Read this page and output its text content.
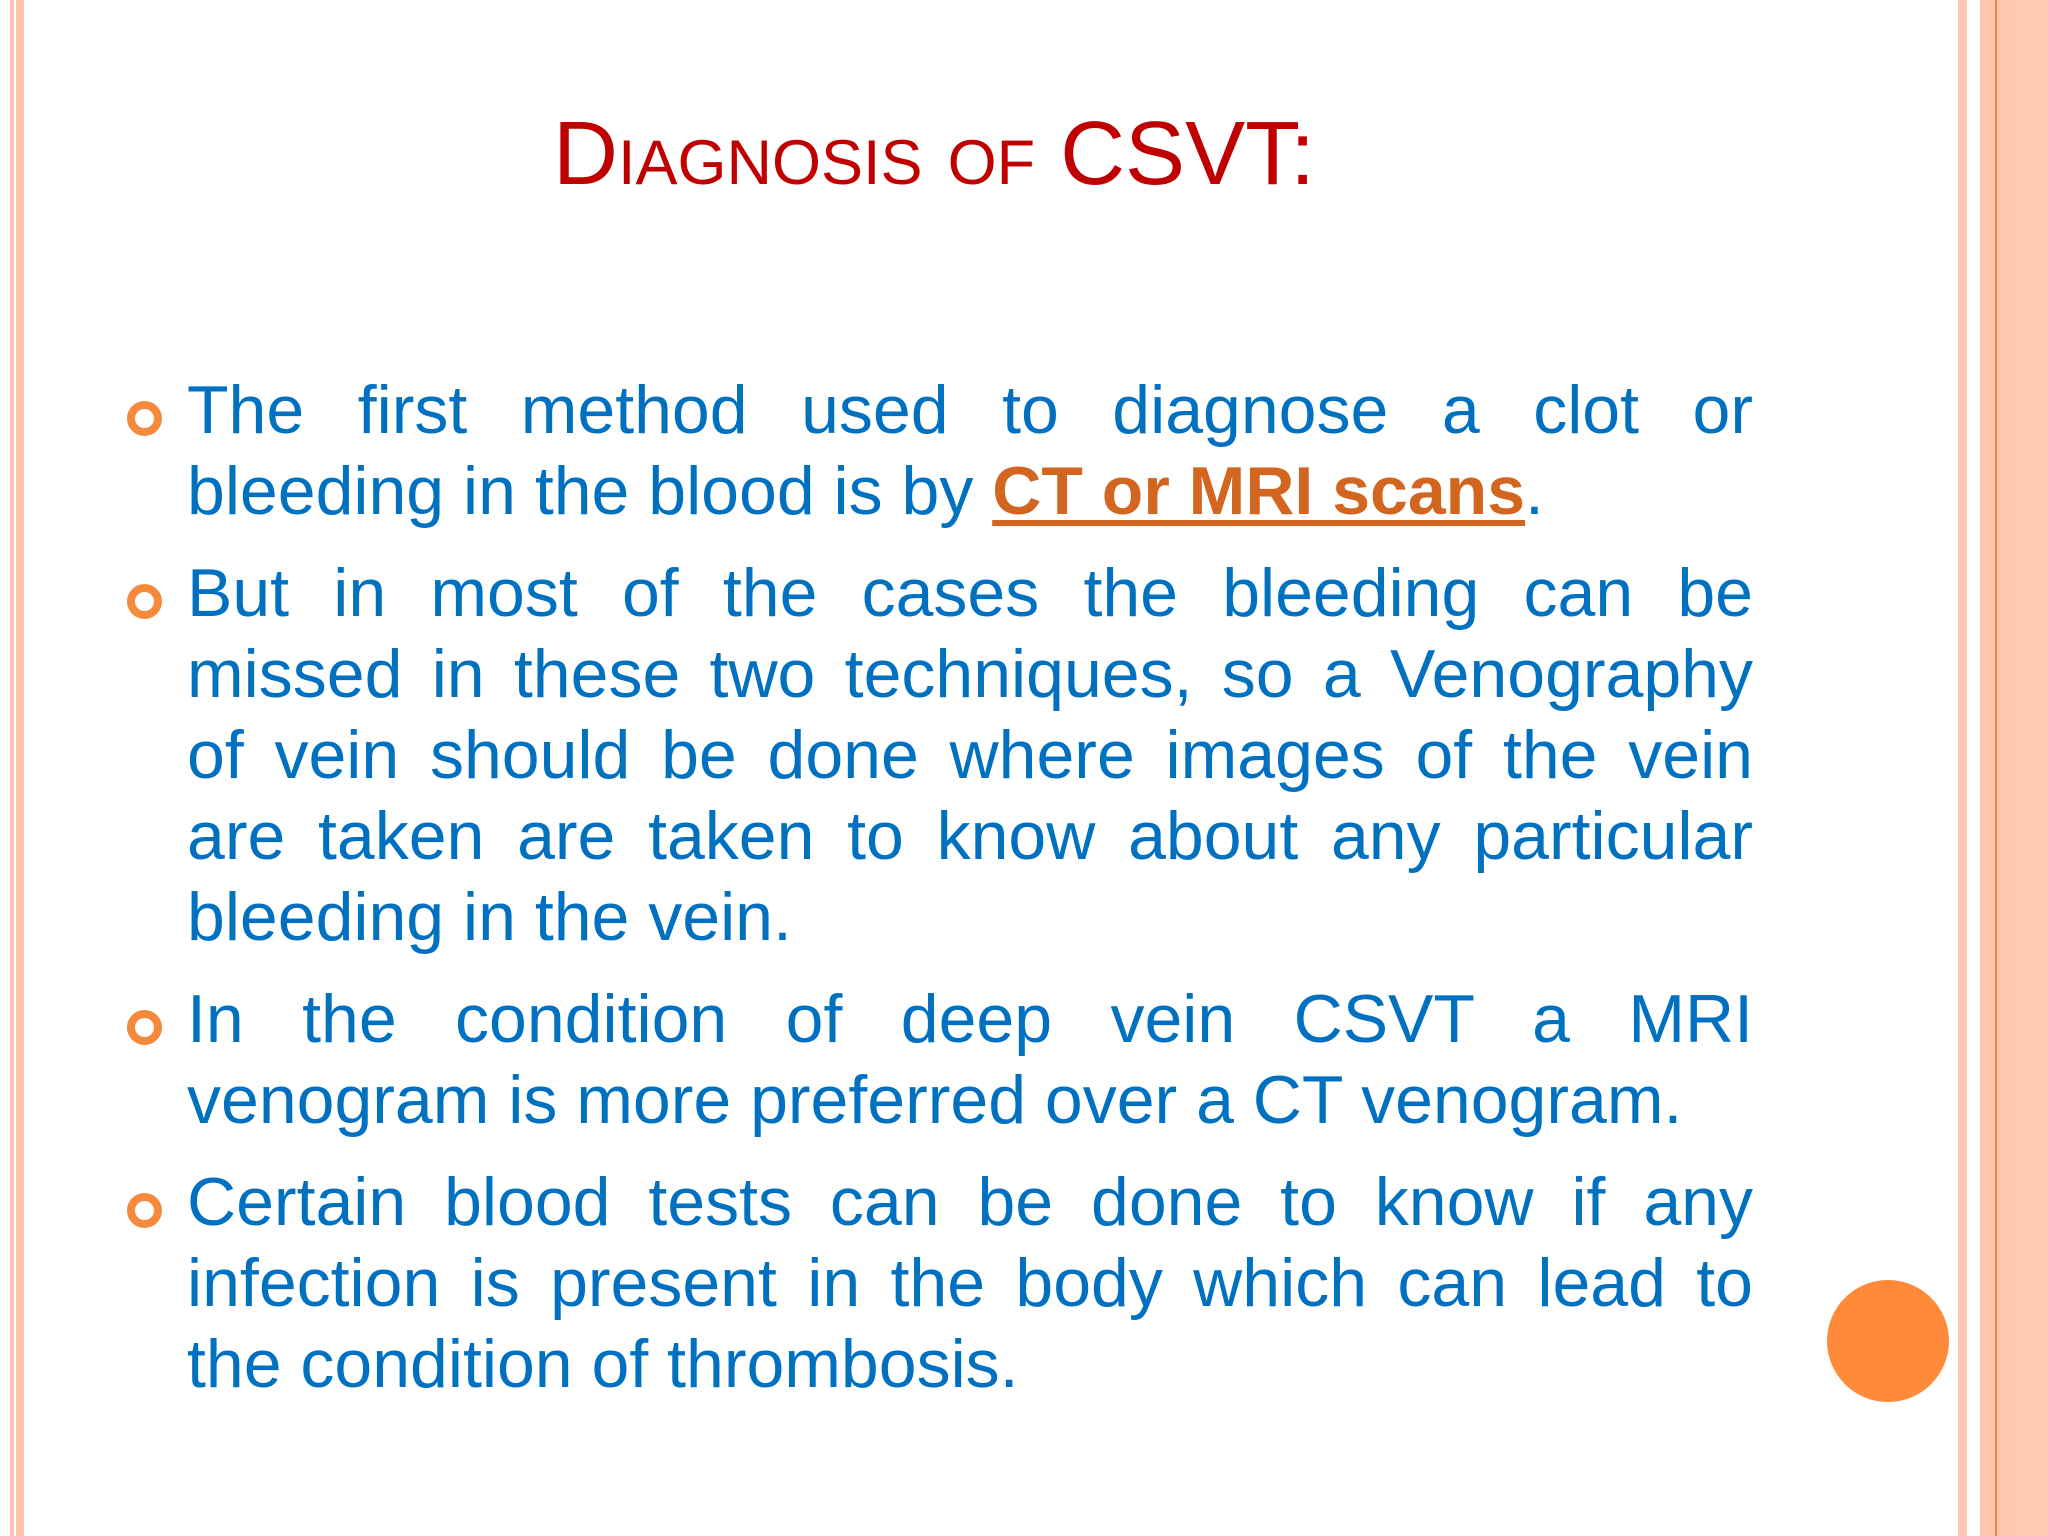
Diagnosis of CSVT:
The first method used to diagnose a clot or
bleeding in the blood is by CT or MRI scans.
But in most of the cases the bleeding can be
missed in these two techniques, so a Venography
of vein should be done where images of the vein
are taken are taken to know about any particular
bleeding in the vein.
In the condition of deep vein CSVT a MRI
venogram is more preferred over a CT venogram.
Certain blood tests can be done to know if any
infection is present in the body which can lead to
the condition of thrombosis.
